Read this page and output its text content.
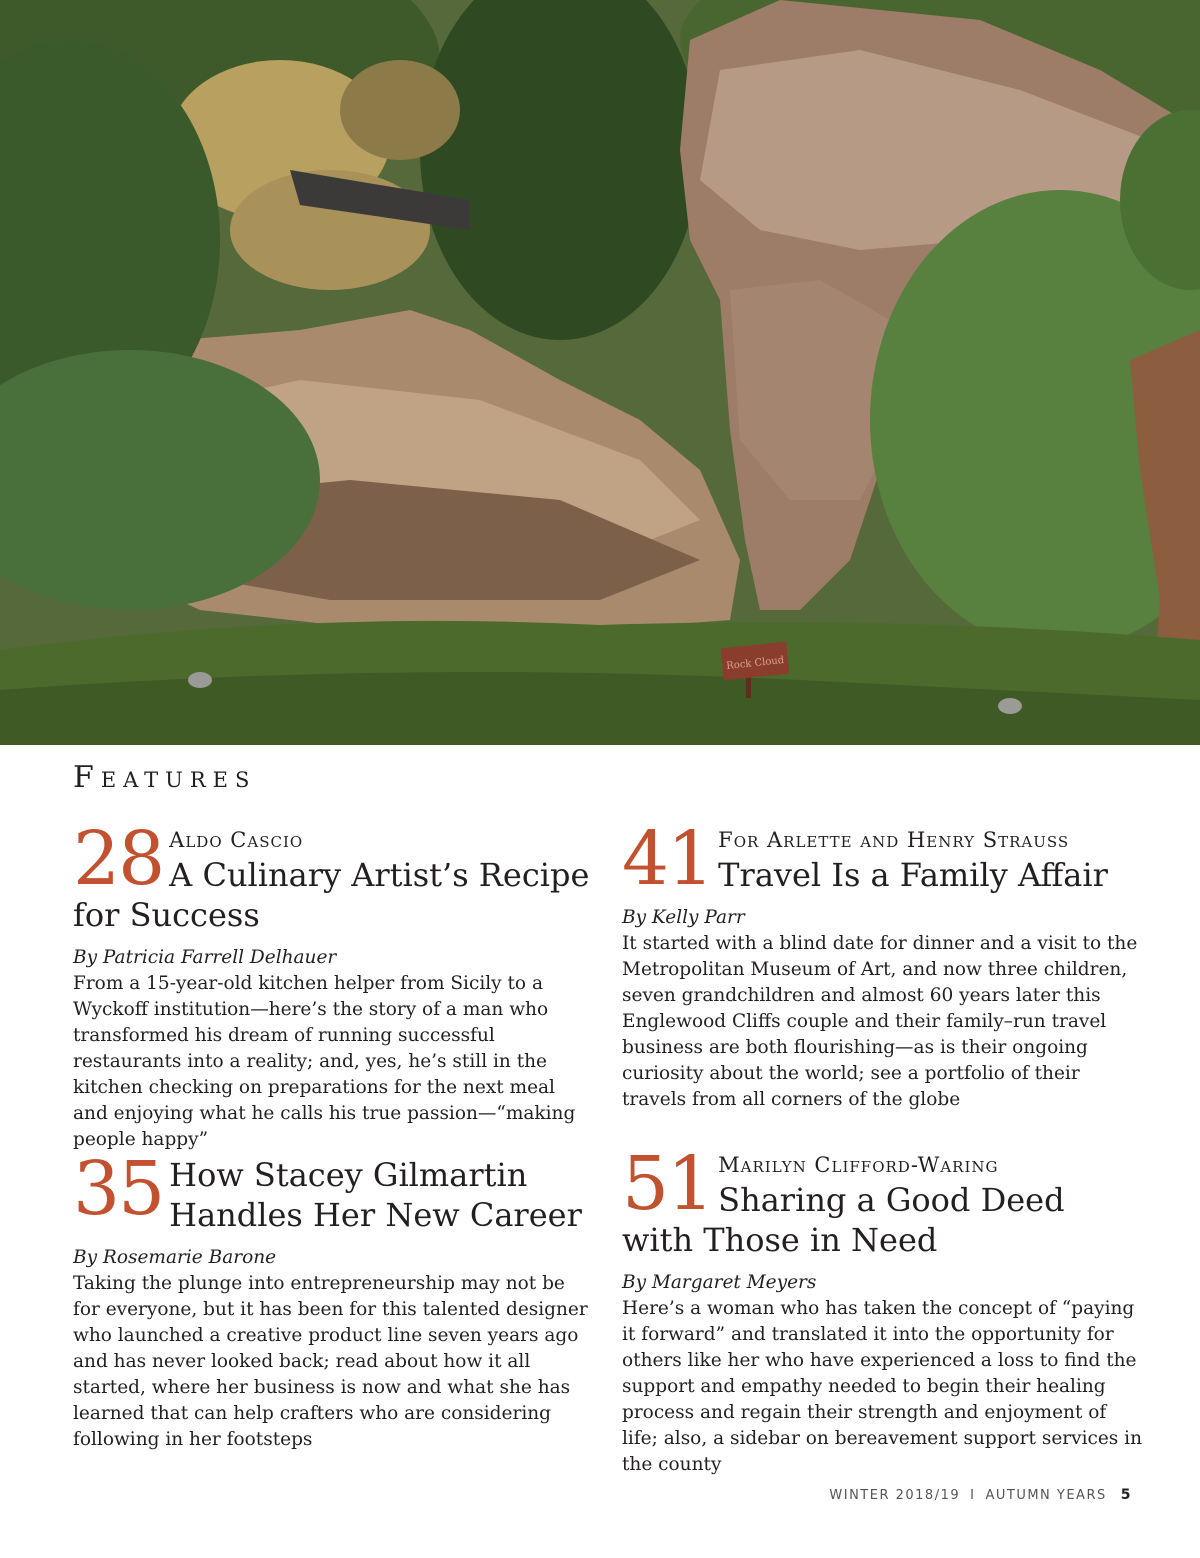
Rock Cloud
Features
28 Aldo Cascio
A Culinary Artist’s Recipe for Success
By Patricia Farrell Delhauer

From a 15-year-old kitchen helper from Sicily to a Wyckoff institution—here’s the story of a man who transformed his dream of running successful restaurants into a reality; and, yes, he’s still in the kitchen checking on preparations for the next meal and enjoying what he calls his true passion—“making people happy”

41 For Arlette and Henry Strauss
Travel Is a Family Affair
By Kelly Parr

It started with a blind date for dinner and a visit to the Metropolitan Museum of Art, and now three children, seven grandchildren and almost 60 years later this Englewood Cliffs couple and their family–run travel business are both flourishing—as is their ongoing curiosity about the world; see a portfolio of their travels from all corners of the globe

35 How Stacey Gilmartin Handles Her New Career
By Rosemarie Barone

Taking the plunge into entrepreneurship may not be for everyone, but it has been for this talented designer who launched a creative product line seven years ago and has never looked back; read about how it all started, where her business is now and what she has learned that can help crafters who are considering following in her footsteps

51 Marilyn Clifford-Waring
Sharing a Good Deed with Those in Need
By Margaret Meyers

Here’s a woman who has taken the concept of “paying it forward” and translated it into the opportunity for others like her who have experienced a loss to find the support and empathy needed to begin their healing process and regain their strength and enjoyment of life; also, a sidebar on bereavement support services in the county

WINTER 2018/19 I AUTUMN YEARS 5
